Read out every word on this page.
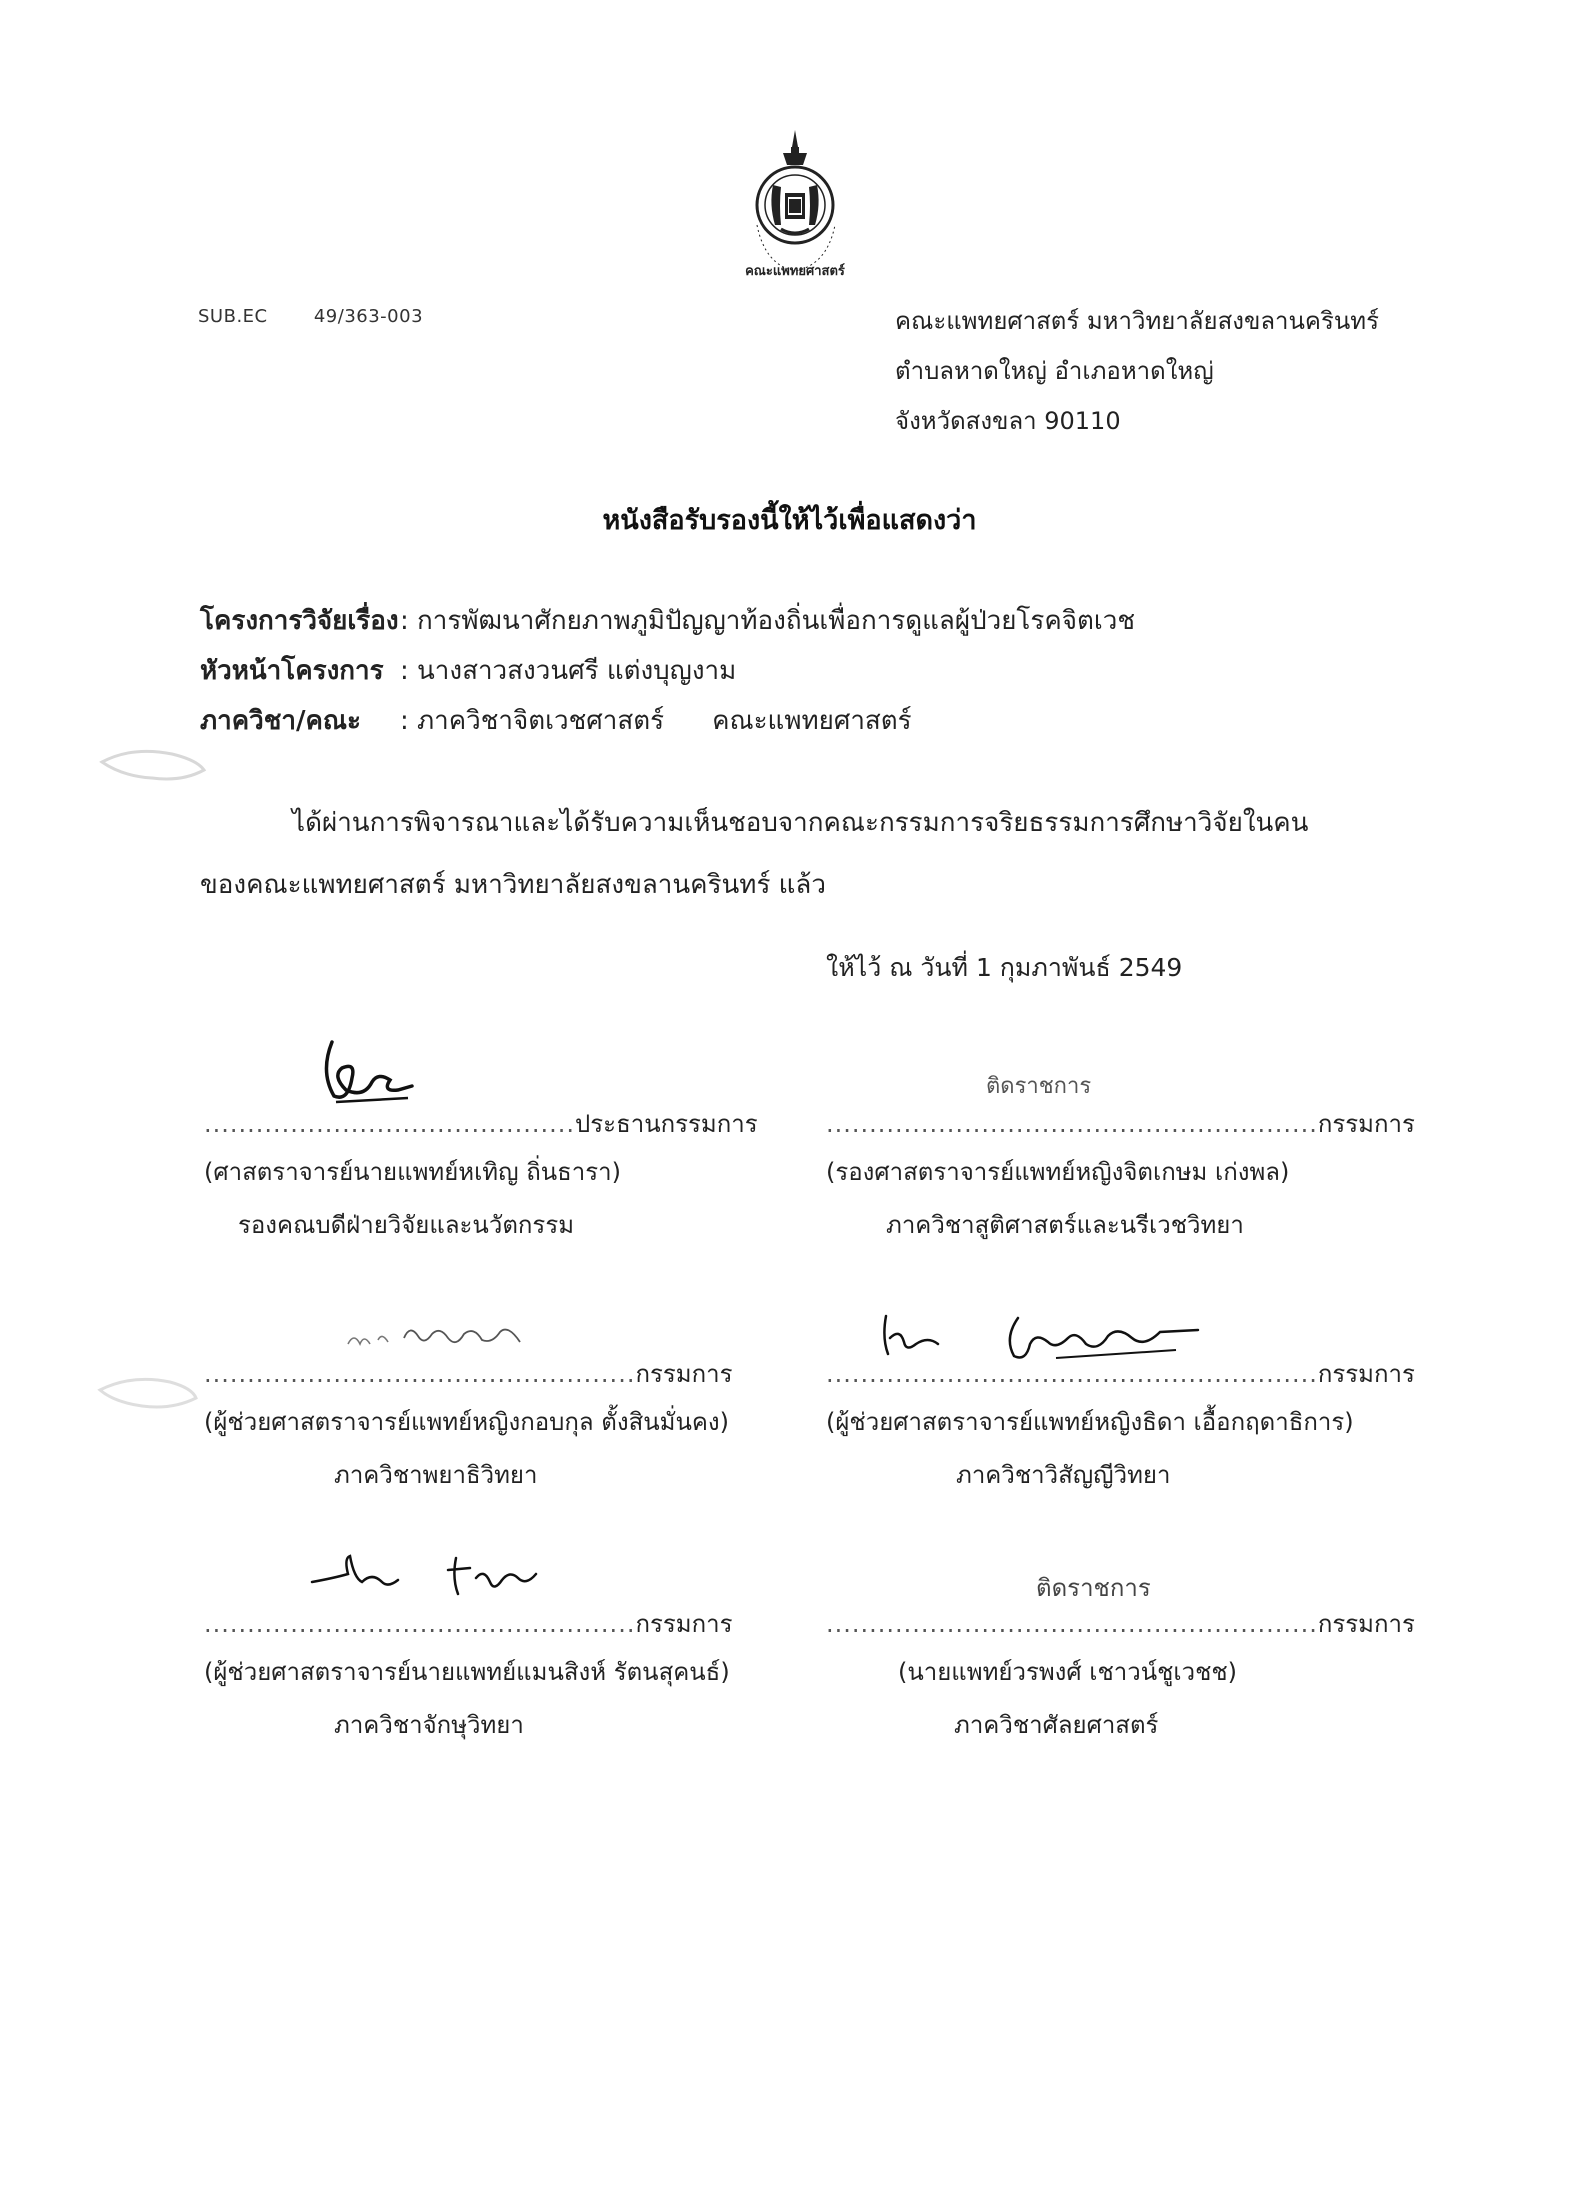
คณะแพทยศาสตร์
SUB.EC	49/363-003	คณะแพทยศาสตร์ มหาวิทยาลัยสงขลานครินทร์
ตำบลหาดใหญ่ อำเภอหาดใหญ่
จังหวัดสงขลา 90110
หนังสือรับรองนี้ให้ไว้เพื่อแสดงว่า
โครงการวิจัยเรื่อง : การพัฒนาศักยภาพภูมิปัญญาท้องถิ่นเพื่อการดูแลผู้ป่วยโรคจิตเวช
หัวหน้าโครงการ : นางสาวสงวนศรี แต่งบุญงาม
ภาควิชา/คณะ	: ภาควิชาจิตเวชศาสตร์ คณะแพทยศาสตร์
ได้ผ่านการพิจารณาและได้รับความเห็นชอบจากคณะกรรมการจริยธรรมการศึกษาวิจัยในคน
ของคณะแพทยศาสตร์ มหาวิทยาลัยสงขลานครินทร์ แล้ว
ให้ไว้ ณ วันที่ 1 กุมภาพันธ์ 2549
...........................................ประธานกรรมการ
(ศาสตราจารย์นายแพทย์หเทิญ ถิ่นธารา)
รองคณบดีฝ่ายวิจัยและนวัตกรรม
ติดราชการ
.........................................................กรรมการ
(รองศาสตราจารย์แพทย์หญิงจิตเกษม เก่งพล)
ภาควิชาสูติศาสตร์และนรีเวชวิทยา
..................................................กรรมการ
(ผู้ช่วยศาสตราจารย์แพทย์หญิงกอบกุล ตั้งสินมั่นคง)
ภาควิชาพยาธิวิทยา
.........................................................กรรมการ
(ผู้ช่วยศาสตราจารย์แพทย์หญิงธิดา เอื้อกฤดาธิการ)
ภาควิชาวิสัญญีวิทยา
..................................................กรรมการ
(ผู้ช่วยศาสตราจารย์นายแพทย์แมนสิงห์ รัตนสุคนธ์)
ภาควิชาจักษุวิทยา
ติดราชการ
.........................................................กรรมการ
(นายแพทย์วรพงศ์ เชาวน์ชูเวชช)
ภาควิชาศัลยศาสตร์
